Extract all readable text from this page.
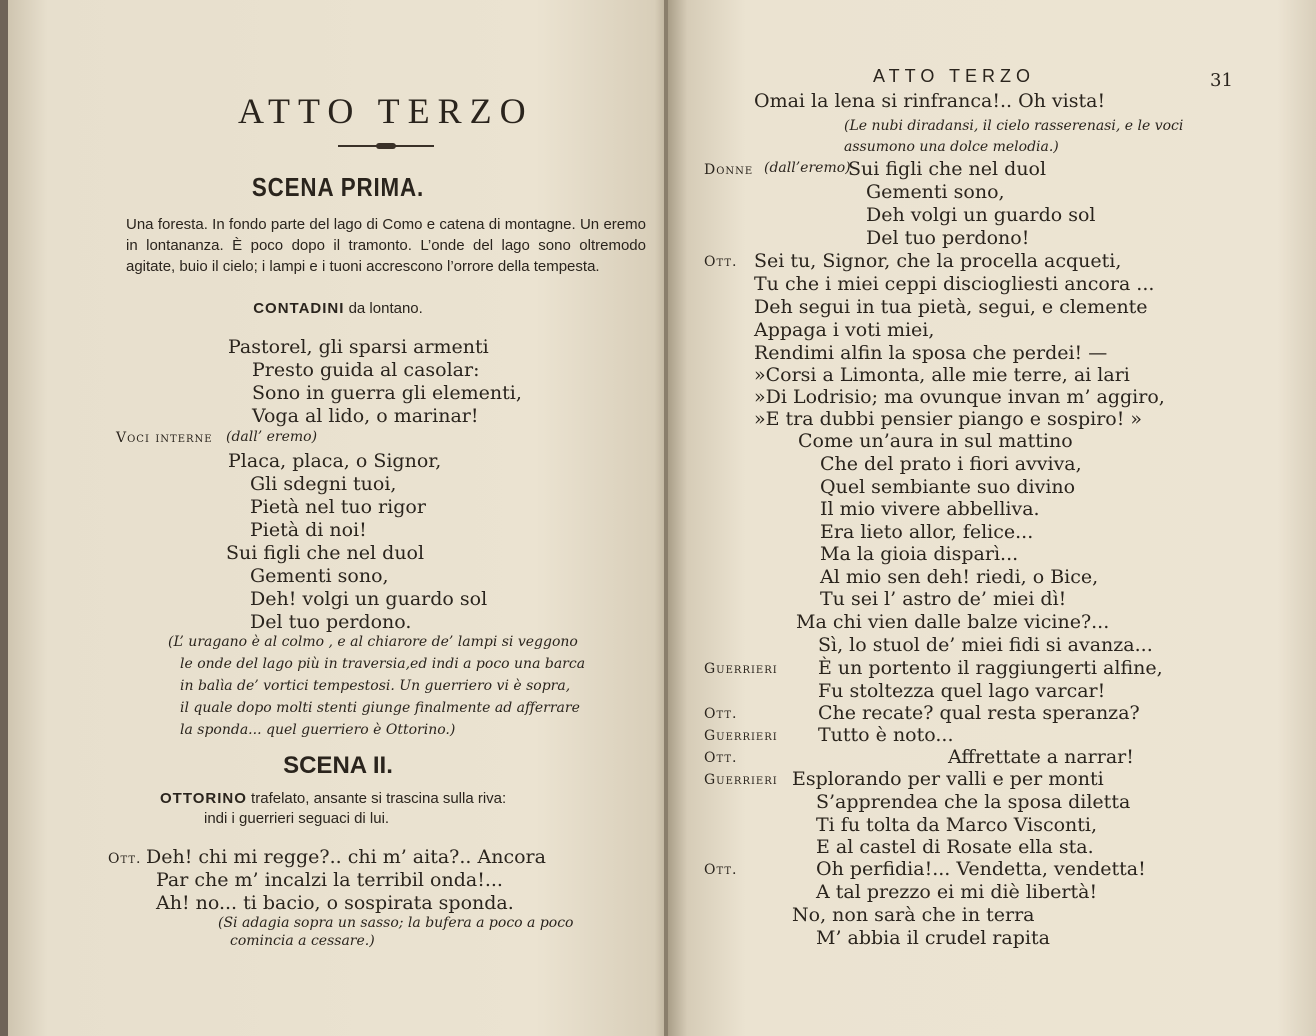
ATTO TERZO
SCENA PRIMA.
Una foresta. In fondo parte del lago di Como e catena di montagne. Un eremo in lontananza. È poco dopo il tramonto. L’onde del lago sono oltremodo agitate, buio il cielo; i lampi e i tuoni accrescono l’orrore della tempesta.
CONTADINI da lontano.
Pastorel, gli sparsi armenti
Presto guida al casolar:
Sono in guerra gli elementi,
Voga al lido, o marinar!
Voci interne (dall’ eremo)
Placa, placa, o Signor,
Gli sdegni tuoi,
Pietà nel tuo rigor
Pietà di noi!
Sui figli che nel duol
Gementi sono,
Deh! volgi un guardo sol
Del tuo perdono.
(L’ uragano è al colmo , e al chiarore de’ lampi si veggono
le onde del lago più in traversia,ed indi a poco una barca
in balìa de’ vortici tempestosi. Un guerriero vi è sopra,
il quale dopo molti stenti giunge finalmente ad afferrare
la sponda... quel guerriero è Ottorino.)
SCENA II.
OTTORINO trafelato, ansante si trascina sulla riva:
indi i guerrieri seguaci di lui.
Ott. Deh! chi mi regge?.. chi m’ aita?.. Ancora
Par che m’ incalzi la terribil onda!...
Ah! no... ti bacio, o sospirata sponda.
(Si adagia sopra un sasso; la bufera a poco a poco
comincia a cessare.)
ATTO TERZO	31
Omai la lena si rinfranca!.. Oh vista!
(Le nubi diradansi, il cielo rasserenasi, e le voci
assumono una dolce melodia.)
Donne (dall’eremo)
Sui figli che nel duol
Gementi sono,
Deh volgi un guardo sol
Del tuo perdono!
Ott. Sei tu, Signor, che la procella acqueti,
Tu che i miei ceppi disciogliesti ancora ...
Deh segui in tua pietà, segui, e clemente
Appaga i voti miei,
Rendimi alfin la sposa che perdei! —
»Corsi a Limonta, alle mie terre, ai lari
»Di Lodrisio; ma ovunque invan m’ aggiro,
»E tra dubbi pensier piango e sospiro! »
Come un’aura in sul mattino
Che del prato i fiori avviva,
Quel sembiante suo divino
Il mio vivere abbelliva.
Era lieto allor, felice...
Ma la gioia disparì...
Al mio sen deh! riedi, o Bice,
Tu sei l’ astro de’ miei dì!
Ma chi vien dalle balze vicine?...
Sì, lo stuol de’ miei fidi si avanza...
Guerrieri È un portento il raggiungerti alfine,
Fu stoltezza quel lago varcar!
Ott.	Che recate? qual resta speranza?
Guerrieri Tutto è noto...
Ott.	Affrettate a narrar!
Guerrieri Esplorando per valli e per monti
S’apprendea che la sposa diletta
Ti fu tolta da Marco Visconti,
E al castel di Rosate ella sta.
Ott.	Oh perfidia!... Vendetta, vendetta!
A tal prezzo ei mi diè libertà!
No, non sarà che in terra
M’ abbia il crudel rapita
